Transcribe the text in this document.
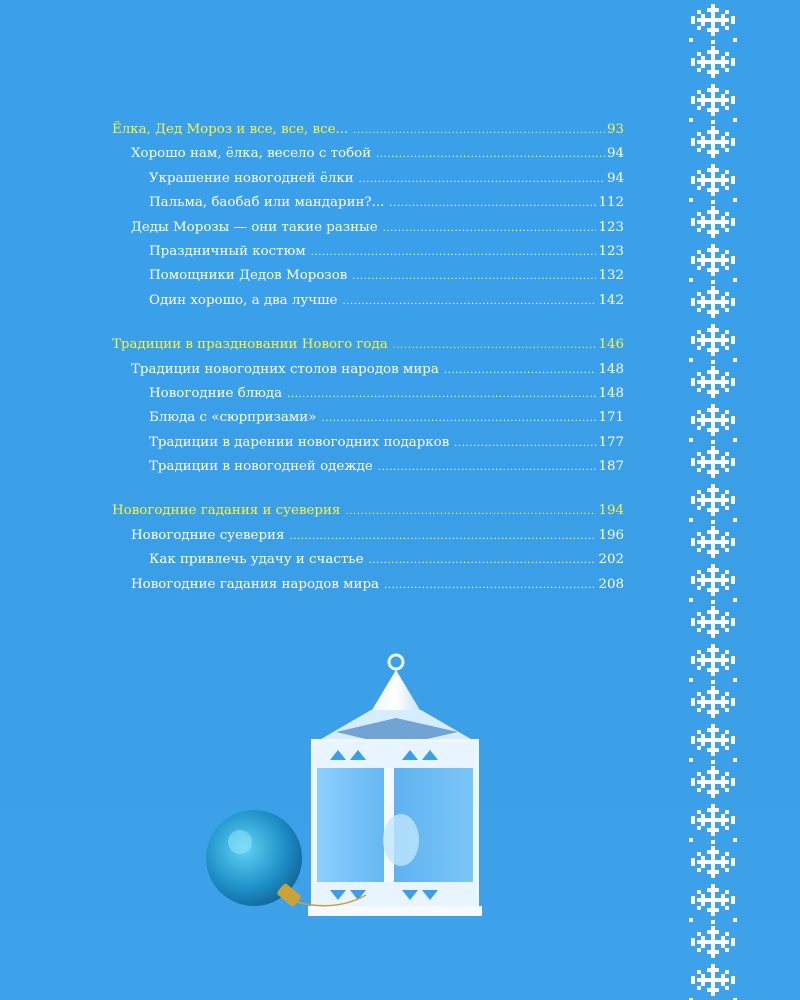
Ёлка, Дед Мороз и все, все, все... .....	93
Хорошо нам, ёлка, весело с тобой .....	94
Украшение новогодней ёлки .....	94
Пальма, баобаб или мандарин?... .....	112
Деды Морозы — они такие разные .....	123
Праздничный костюм .....	123
Помощники Дедов Морозов .....	132
Один хорошо, а два лучше .....	142
Традиции в праздновании Нового года .....	146
Традиции новогодних столов народов мира .....	148
Новогодние блюда .....	148
Блюда с «сюрпризами» .....	171
Традиции в дарении новогодних подарков .....	177
Традиции в новогодней одежде .....	187
Новогодние гадания и суеверия .....	194
Новогодние суеверия .....	196
Как привлечь удачу и счастье .....	202
Новогодние гадания народов мира .....	208
